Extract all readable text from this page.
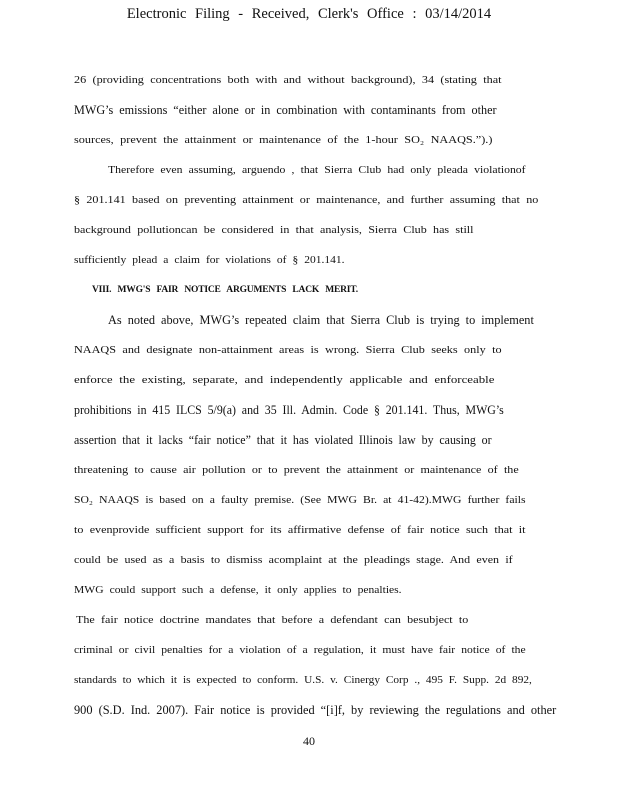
Electronic Filing - Received, Clerk's Office : 03/14/2014
26 (providing concentrations both with and without background), 34 (stating that
MWG’s emissions “either alone or in combination with contaminants from other
sources, prevent the attainment or maintenance of the 1-hour SO₂ NAAQS.”).)
Therefore even assuming, arguendo , that Sierra Club had only pleada violationof
§ 201.141 based on preventing attainment or maintenance, and further assuming that no
background pollutioncan be considered in that analysis, Sierra Club has still
sufficiently plead a claim for violations of § 201.141.
VIII. MWG'S FAIR NOTICE ARGUMENTS LACK MERIT.
As noted above, MWG’s repeated claim that Sierra Club is trying to implement
NAAQS and designate non-attainment areas is wrong. Sierra Club seeks only to
enforce the existing, separate, and independently applicable and enforceable
prohibitions in 415 ILCS 5/9(a) and 35 Ill. Admin. Code § 201.141. Thus, MWG’s
assertion that it lacks “fair notice” that it has violated Illinois law by causing or
threatening to cause air pollution or to prevent the attainment or maintenance of the
SO₂ NAAQS is based on a faulty premise. (See MWG Br. at 41-42).MWG further fails
to evenprovide sufficient support for its affirmative defense of fair notice such that it
could be used as a basis to dismiss acomplaint at the pleadings stage. And even if
MWG could support such a defense, it only applies to penalties.
The fair notice doctrine mandates that before a defendant can besubject to
criminal or civil penalties for a violation of a regulation, it must have fair notice of the
standards to which it is expected to conform. U.S. v. Cinergy Corp ., 495 F. Supp. 2d 892,
900 (S.D. Ind. 2007). Fair notice is provided “[i]f, by reviewing the regulations and other
40
